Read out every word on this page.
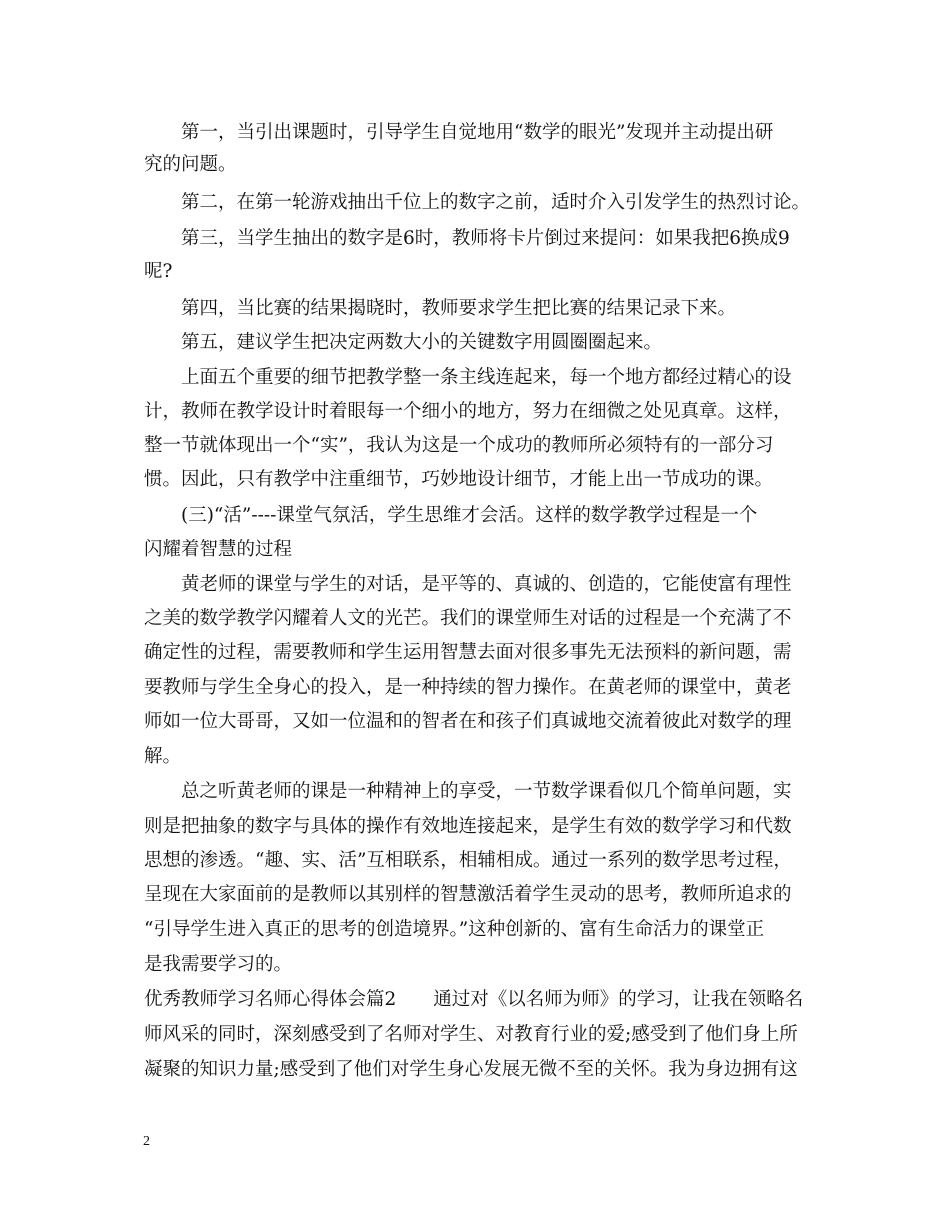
第一，当引出课题时，引导学生自觉地用“数学的眼光”发现并主动提出研
究的问题。
第二，在第一轮游戏抽出千位上的数字之前，适时介入引发学生的热烈讨论。
第三，当学生抽出的数字是6时，教师将卡片倒过来提问：如果我把6换成9
呢?
第四，当比赛的结果揭晓时，教师要求学生把比赛的结果记录下来。
第五，建议学生把决定两数大小的关键数字用圆圈圈起来。
上面五个重要的细节把教学整一条主线连起来，每一个地方都经过精心的设
计，教师在教学设计时着眼每一个细小的地方，努力在细微之处见真章。这样，
整一节就体现出一个“实”，我认为这是一个成功的教师所必须特有的一部分习
惯。因此，只有教学中注重细节，巧妙地设计细节，才能上出一节成功的课。
(三)“活”----课堂气氛活，学生思维才会活。这样的数学教学过程是一个
闪耀着智慧的过程
黄老师的课堂与学生的对话，是平等的、真诚的、创造的，它能使富有理性
之美的数学教学闪耀着人文的光芒。我们的课堂师生对话的过程是一个充满了不
确定性的过程，需要教师和学生运用智慧去面对很多事先无法预料的新问题，需
要教师与学生全身心的投入，是一种持续的智力操作。在黄老师的课堂中，黄老
师如一位大哥哥，又如一位温和的智者在和孩子们真诚地交流着彼此对数学的理
解。
总之听黄老师的课是一种精神上的享受，一节数学课看似几个简单问题，实
则是把抽象的数字与具体的操作有效地连接起来，是学生有效的数学学习和代数
思想的渗透。“趣、实、活”互相联系，相辅相成。通过一系列的数学思考过程，
呈现在大家面前的是教师以其别样的智慧激活着学生灵动的思考，教师所追求的
“引导学生进入真正的思考的创造境界。”这种创新的、富有生命活力的课堂正
是我需要学习的。
优秀教师学习名师心得体会篇2　　通过对《以名师为师》的学习，让我在领略名
师风采的同时，深刻感受到了名师对学生、对教育行业的爱;感受到了他们身上所
凝聚的知识力量;感受到了他们对学生身心发展无微不至的关怀。我为身边拥有这
2
